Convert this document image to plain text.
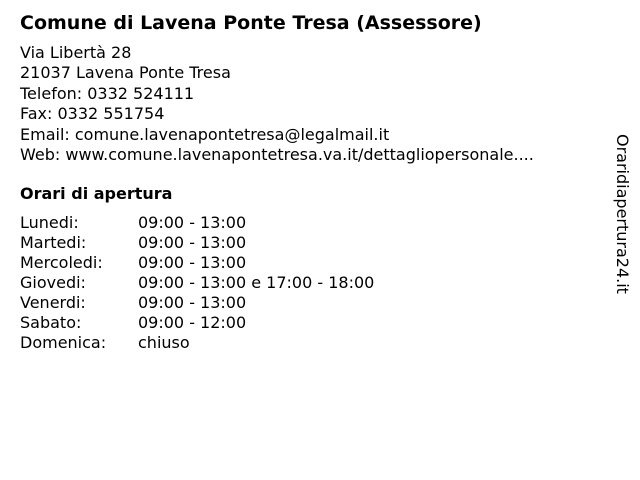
Comune di Lavena Ponte Tresa (Assessore)
Via Libertà 28
21037 Lavena Ponte Tresa
Telefon: 0332 524111
Fax: 0332 551754
Email: comune.lavenapontetresa@legalmail.it
Web: www.comune.lavenapontetresa.va.it/dettagliopersonale....
Orari di apertura
Lunedi:	09:00 - 13:00
Martedi:	09:00 - 13:00
Mercoledi: 09:00 - 13:00
Giovedi:	09:00 - 13:00 e 17:00 - 18:00
Venerdi:	09:00 - 13:00
Sabato:	09:00 - 12:00
Domenica: chiuso
Oraridiapertura24.it
